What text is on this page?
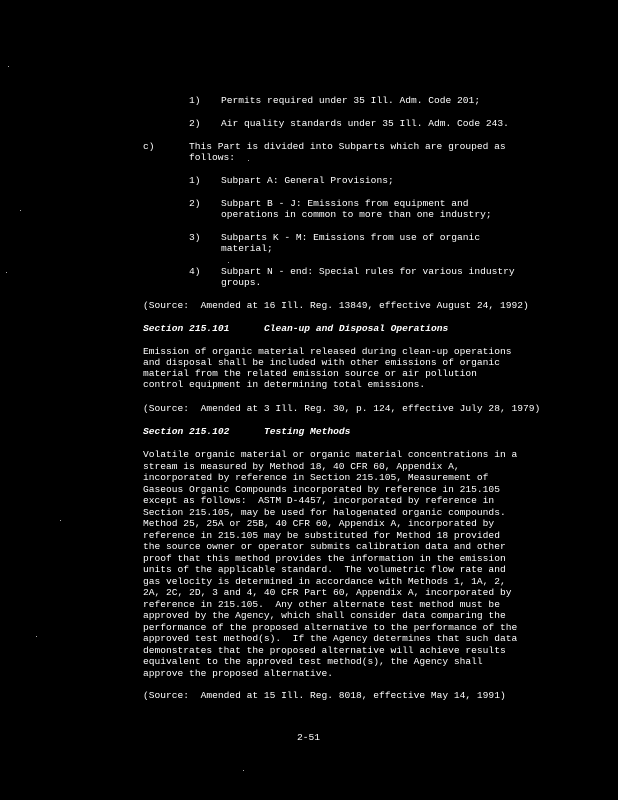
1) Permits required under 35 Ill. Adm. Code 201;
2) Air quality standards under 35 Ill. Adm. Code 243.
c)	This Part is divided into Subparts which are grouped as
follows:
1) Subpart A: General Provisions;
2) Subpart B - J: Emissions from equipment and
operations in common to more than one industry;
3) Subparts K - M: Emissions from use of organic
material;
4) Subpart N - end: Special rules for various industry
groups.
(Source:  Amended at 16 Ill. Reg. 13849, effective August 24, 1992)
Section 215.101	Clean-up and Disposal Operations
Emission of organic material released during clean-up operations
and disposal shall be included with other emissions of organic
material from the related emission source or air pollution
control equipment in determining total emissions.
(Source:  Amended at 3 Ill. Reg. 30, p. 124, effective July 28, 1979)
Section 215.102	Testing Methods
Volatile organic material or organic material concentrations in a
stream is measured by Method 18, 40 CFR 60, Appendix A,
incorporated by reference in Section 215.105, Measurement of
Gaseous Organic Compounds incorporated by reference in 215.105
except as follows:  ASTM D-4457, incorporated by reference in
Section 215.105, may be used for halogenated organic compounds.
Method 25, 25A or 25B, 40 CFR 60, Appendix A, incorporated by
reference in 215.105 may be substituted for Method 18 provided
the source owner or operator submits calibration data and other
proof that this method provides the information in the emission
units of the applicable standard.  The volumetric flow rate and
gas velocity is determined in accordance with Methods 1, 1A, 2,
2A, 2C, 2D, 3 and 4, 40 CFR Part 60, Appendix A, incorporated by
reference in 215.105.  Any other alternate test method must be
approved by the Agency, which shall consider data comparing the
performance of the proposed alternative to the performance of the
approved test method(s).  If the Agency determines that such data
demonstrates that the proposed alternative will achieve results
equivalent to the approved test method(s), the Agency shall
approve the proposed alternative.
(Source:  Amended at 15 Ill. Reg. 8018, effective May 14, 1991)
2-51
